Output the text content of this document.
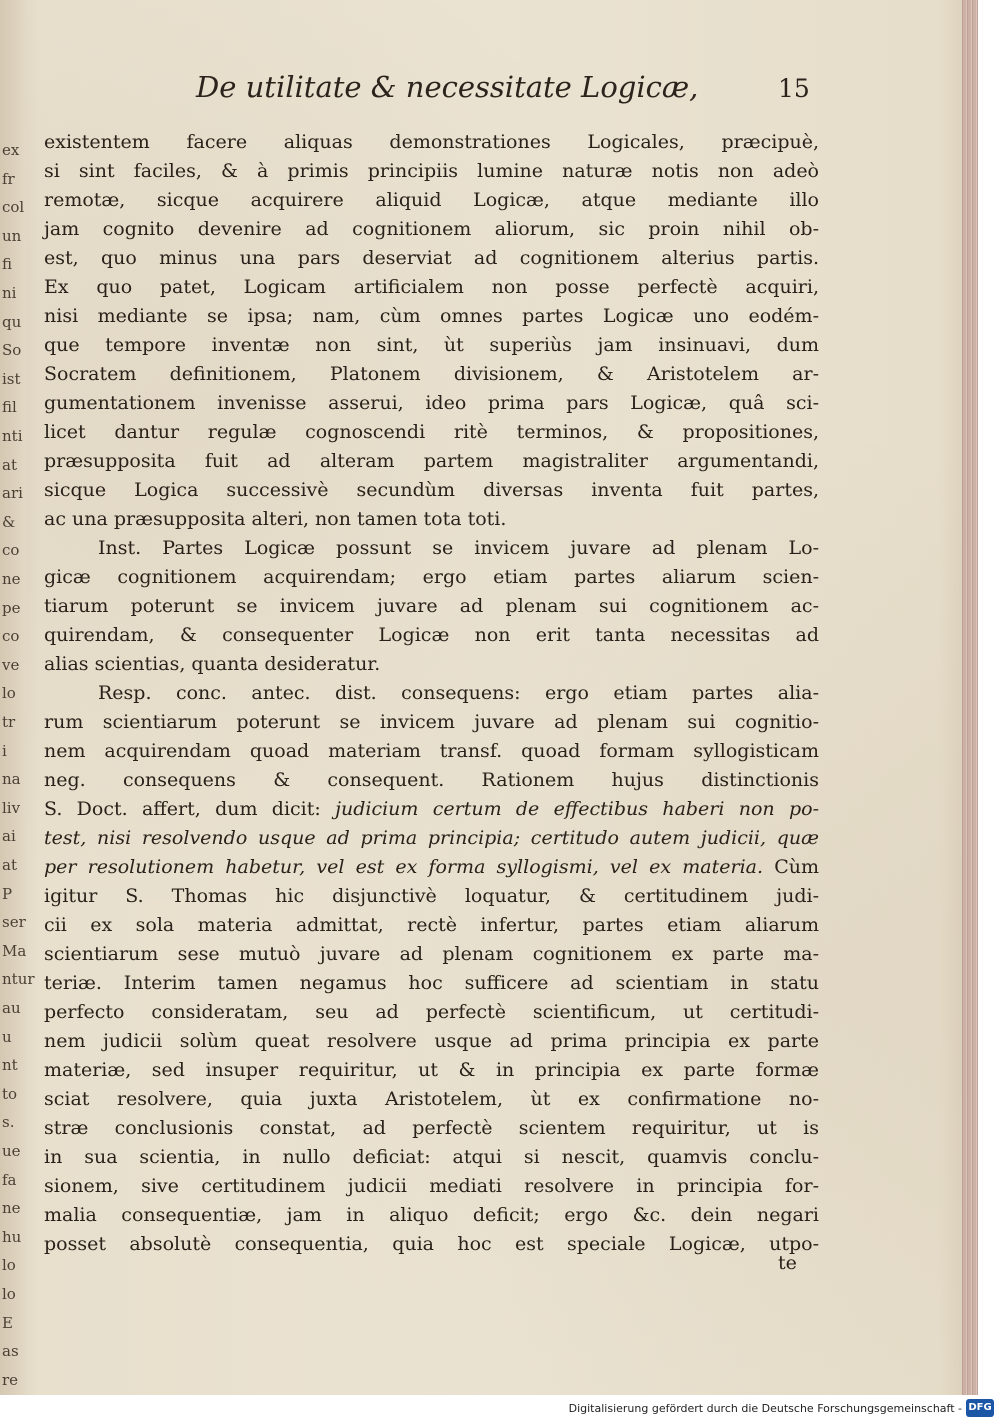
ex
fr
col
un
fi
ni
qu
So
ist
fil
nti
at
ari
&
co
ne
pe
co
ve
lo
tr
i
na
liv
ai
at
P
ser
Ma
ntur
au
u
nt
to
s.
ue
fa
ne
hu
lo
lo
E
as
re
De utilitate & necessitate Logicæ,	15
existentem facere aliquas demonstrationes Logicales, præcipuè,
si sint faciles, & à primis principiis lumine naturæ notis non adeò
remotæ, sicque acquirere aliquid Logicæ, atque mediante illo
jam cognito devenire ad cognitionem aliorum, sic proin nihil ob-
est, quo minus una pars deserviat ad cognitionem alterius partis.
Ex quo patet, Logicam artificialem non posse perfectè acquiri,
nisi mediante se ipsa; nam, cùm omnes partes Logicæ uno eodém-
que tempore inventæ non sint, ùt superiùs jam insinuavi, dum
Socratem definitionem, Platonem divisionem, & Aristotelem ar-
gumentationem invenisse asserui, ideo prima pars Logicæ, quâ sci-
licet dantur regulæ cognoscendi ritè terminos, & propositiones,
præsupposita fuit ad alteram partem magistraliter argumentandi,
sicque Logica successivè secundùm diversas inventa fuit partes,
ac una præsupposita alteri, non tamen tota toti.
Inst. Partes Logicæ possunt se invicem juvare ad plenam Lo-
gicæ cognitionem acquirendam; ergo etiam partes aliarum scien-
tiarum poterunt se invicem juvare ad plenam sui cognitionem ac-
quirendam, & consequenter Logicæ non erit tanta necessitas ad
alias scientias, quanta desideratur.
Resp. conc. antec. dist. consequens: ergo etiam partes alia-
rum scientiarum poterunt se invicem juvare ad plenam sui cognitio-
nem acquirendam quoad materiam transf. quoad formam syllogisticam
neg. consequens & consequent. Rationem hujus distinctionis
S. Doct. affert, dum dicit: judicium certum de effectibus haberi non po-
test, nisi resolvendo usque ad prima principia; certitudo autem judicii, quæ
per resolutionem habetur, vel est ex forma syllogismi, vel ex materia. Cùm
igitur S. Thomas hic disjunctivè loquatur, & certitudinem judi-
cii ex sola materia admittat, rectè infertur, partes etiam aliarum
scientiarum sese mutuò juvare ad plenam cognitionem ex parte ma-
teriæ. Interim tamen negamus hoc sufficere ad scientiam in statu
perfecto consideratam, seu ad perfectè scientificum, ut certitudi-
nem judicii solùm queat resolvere usque ad prima principia ex parte
materiæ, sed insuper requiritur, ut & in principia ex parte formæ
sciat resolvere, quia juxta Aristotelem, ùt ex confirmatione no-
stræ conclusionis constat, ad perfectè scientem requiritur, ut is
in sua scientia, in nullo deficiat: atqui si nescit, quamvis conclu-
sionem, sive certitudinem judicii mediati resolvere in principia for-
malia consequentiæ, jam in aliquo deficit; ergo &c. dein negari
posset absolutè consequentia, quia hoc est speciale Logicæ, utpo-
te
Digitalisierung gefördert durch die Deutsche Forschungsgemeinschaft - DFG
